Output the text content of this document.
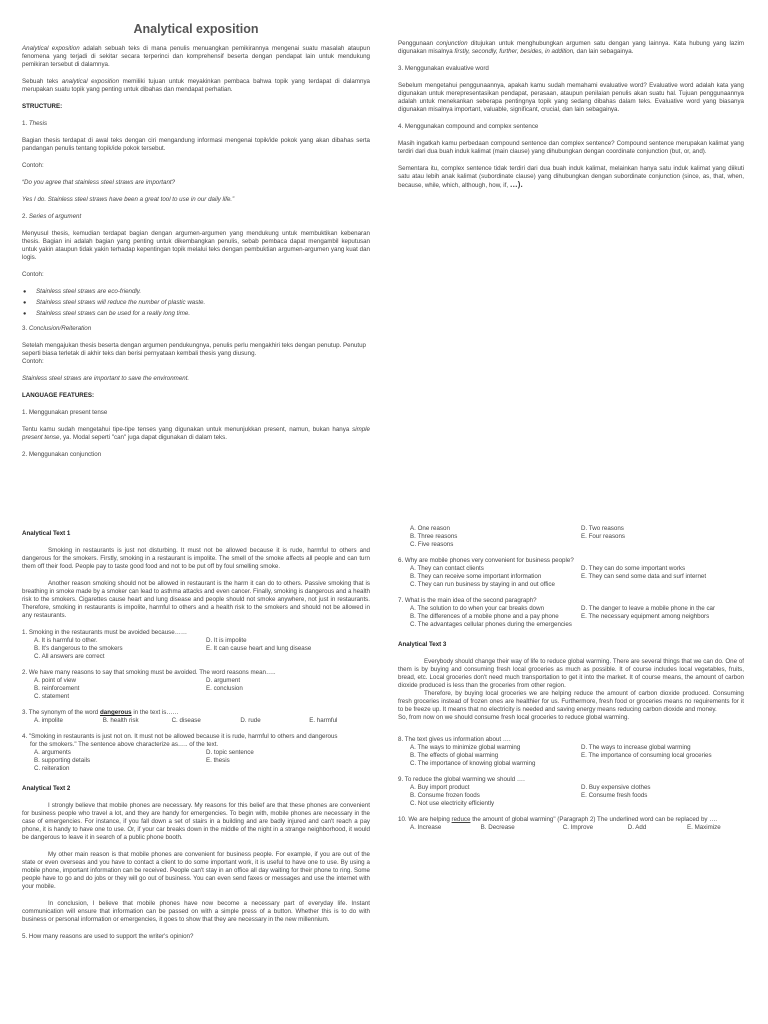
Analytical exposition

Analytical exposition adalah sebuah teks di mana penulis menuangkan pemikirannya mengenai suatu masalah ataupun fenomena yang terjadi di sekitar secara terperinci dan komprehensif beserta dengan pendapat lain untuk mendukung pemikiran tersebut di dalamnya.

Sebuah teks analytical exposition memiliki tujuan untuk meyakinkan pembaca bahwa topik yang terdapat di dalamnya merupakan suatu topik yang penting untuk dibahas dan mendapat perhatian.

STRUCTURE:

1. Thesis

Bagian thesis terdapat di awal teks dengan ciri mengandung informasi mengenai topik/ide pokok yang akan dibahas serta pandangan penulis tentang topik/ide pokok tersebut.

Contoh:

“Do you agree that stainless steel straws are important?

Yes I do. Stainless steel straws have been a great tool to use in our daily life.”

2. Series of argument

Menyusul thesis, kemudian terdapat bagian dengan argumen-argumen yang mendukung untuk membuktikan kebenaran thesis. Bagian ini adalah bagian yang penting untuk dikembangkan penulis, sebab pembaca dapat mengambil keputusan untuk yakin ataupun tidak yakin terhadap kepentingan topik melalui teks dengan pembuktian argumen-argumen yang kuat dan logis.

Contoh:

● Stainless steel straws are eco-friendly.
● Stainless steel straws will reduce the number of plastic waste.
● Stainless steel straws can be used for a really long time.

3. Conclusion/Reiteration

Setelah mengajukan thesis beserta dengan argumen pendukungnya, penulis perlu mengakhiri teks dengan penutup. Penutup seperti biasa terletak di akhir teks dan berisi pernyataan kembali thesis yang diusung.

Contoh:

Stainless steel straws are important to save the environment.

LANGUAGE FEATURES:

1. Menggunakan present tense

Tentu kamu sudah mengetahui tipe-tipe tenses yang digunakan untuk menunjukkan present, namun, bukan hanya simple present tense, ya. Modal seperti "can" juga dapat digunakan di dalam teks.

2. Menggunakan conjunction

Penggunaan conjunction ditujukan untuk menghubungkan argumen satu dengan yang lainnya. Kata hubung yang lazim digunakan misalnya firstly, secondly, further, besides, in addition, dan lain sebagainya.

3. Menggunakan evaluative word

Sebelum mengetahui penggunaannya, apakah kamu sudah memahami evaluative word? Evaluative word adalah kata yang digunakan untuk merepresentasikan pendapat, perasaan, ataupun penilaian penulis akan suatu hal. Tujuan penggunaannya adalah untuk menekankan seberapa pentingnya topik yang sedang dibahas dalam teks. Evaluative word yang biasanya digunakan misalnya important, valuable, significant, crucial, dan lain sebagainya.

4. Menggunakan compound and complex sentence

Masih ingatkah kamu perbedaan compound sentence dan complex sentence? Compound sentence merupakan kalimat yang terdiri dari dua buah induk kalimat (main clause) yang dihubungkan dengan coordinate conjunction (but, or, and).

Sementara itu, complex sentence tidak terdiri dari dua buah induk kalimat, melainkan hanya satu induk kalimat yang diikuti satu atau lebih anak kalimat (subordinate clause) yang dihubungkan dengan subordinate conjunction (since, as, that, when, because, while, which, although, how, if, …).

Analytical Text 1

Smoking in restaurants is just not disturbing. It must not be allowed because it is rude, harmful to others and dangerous for the smokers. Firstly, smoking in a restaurant is impolite. The smell of the smoke affects all people and can turn them off their food. People pay to taste good food and not to be put off by foul smelling smoke.

Another reason smoking should not be allowed in restaurant is the harm it can do to others. Passive smoking that is breathing in smoke made by a smoker can lead to asthma attacks and even cancer. Finally, smoking is dangerous and a health risk to the smokers. Cigarettes cause heart and lung disease and people should not smoke anywhere, not just in restaurants. Therefore, smoking in restaurants is impolite, harmful to others and a health risk to the smokers and should not be allowed in any restaurants.

1. Smoking in the restaurants must be avoided because……
A. It is harmful to other.	D. It is impolite
B. It's dangerous to the smokers	E. It can cause heart and lung disease
C. All answers are correct
2. We have many reasons to say that smoking must be avoided. The word reasons mean…..
A. point of view	D. argument
B. reinforcement	E. conclusion
C. statement
3. The synonym of the word dangerous in the text is……
A. impolite	B. health risk	C. disease	D. rude	E. harmful
4. "Smoking in restaurants is just not on. It must not be allowed because it is rude, harmful to others and dangerous
for the smokers." The sentence above characterize as….. of the text.
A. arguments	D. topic sentence
B. supporting details	E. thesis
C. reiteration

Analytical Text 2

I strongly believe that mobile phones are necessary. My reasons for this belief are that these phones are convenient for business people who travel a lot, and they are handy for emergencies. To begin with, mobile phones are necessary in the case of emergencies. For instance, if you fall down a set of stairs in a building and are badly injured and can't reach a pay phone, it is handy to have one to use. Or, if your car breaks down in the middle of the night in a strange neighborhood, it would be dangerous to leave it in search of a public phone booth.

My other main reason is that mobile phones are convenient for business people. For example, if you are out of the state or even overseas and you have to contact a client to do some important work, it is useful to have one to use. By using a mobile phone, important information can be received. People can't stay in an office all day waiting for their phone to ring. Some people have to go and do jobs or they will go out of business. You can even send faxes or messages and use the internet with your mobile.

In conclusion, I believe that mobile phones have now become a necessary part of everyday life. Instant communication will ensure that information can be passed on with a simple press of a button. Whether this is to do with business or personal information or emergencies, it goes to show that they are necessary in the new millennium.

5. How many reasons are used to support the writer's opinion?

A. One reason	D. Two reasons
B. Three reasons	E. Four reasons
C. Five reasons
6. Why are mobile phones very convenient for business people?
A. They can contact clients	D. They can do some important works
B. They can receive some important information	E. They can send some data and surf internet
C. They can run business by staying in and out office
7. What is the main idea of the second paragraph?
A. The solution to do when your car breaks down	D. The danger to leave a mobile phone in the car
B. The differences of a mobile phone and a pay phone	E. The necessary equipment among neighbors
C. The advantages cellular phones during the emergencies

Analytical Text 3

Everybody should change their way of life to reduce global warming. There are several things that we can do. One of them is by buying and consuming fresh local groceries as much as possible. It of course includes local vegetables, fruits, bread, etc. Local groceries don't need much transportation to get it into the market. It of course means, the amount of carbon dioxide produced is less than the groceries from other region.

Therefore, by buying local groceries we are helping reduce the amount of carbon dioxide produced. Consuming fresh groceries instead of frozen ones are healthier for us. Furthermore, fresh food or groceries means no requirements for it to be freeze up. It means that no electricity is needed and saving energy means reducing carbon dioxide and money.

So, from now on we should consume fresh local groceries to reduce global warming.

8. The text gives us information about ….
A. The ways to minimize global warming	D. The ways to increase global warming
B. The effects of global warming	E. The importance of consuming local groceries
C. The importance of knowing global warming
9. To reduce the global warming we should ….
A. Buy import product	D. Buy expensive clothes
B. Consume frozen foods	E. Consume fresh foods
C. Not use electricity efficiently
10. We are helping reduce the amount of global warming" (Paragraph 2) The underlined word can be replaced by ….
A. Increase	B. Decrease	C. Improve	D. Add	E. Maximize
